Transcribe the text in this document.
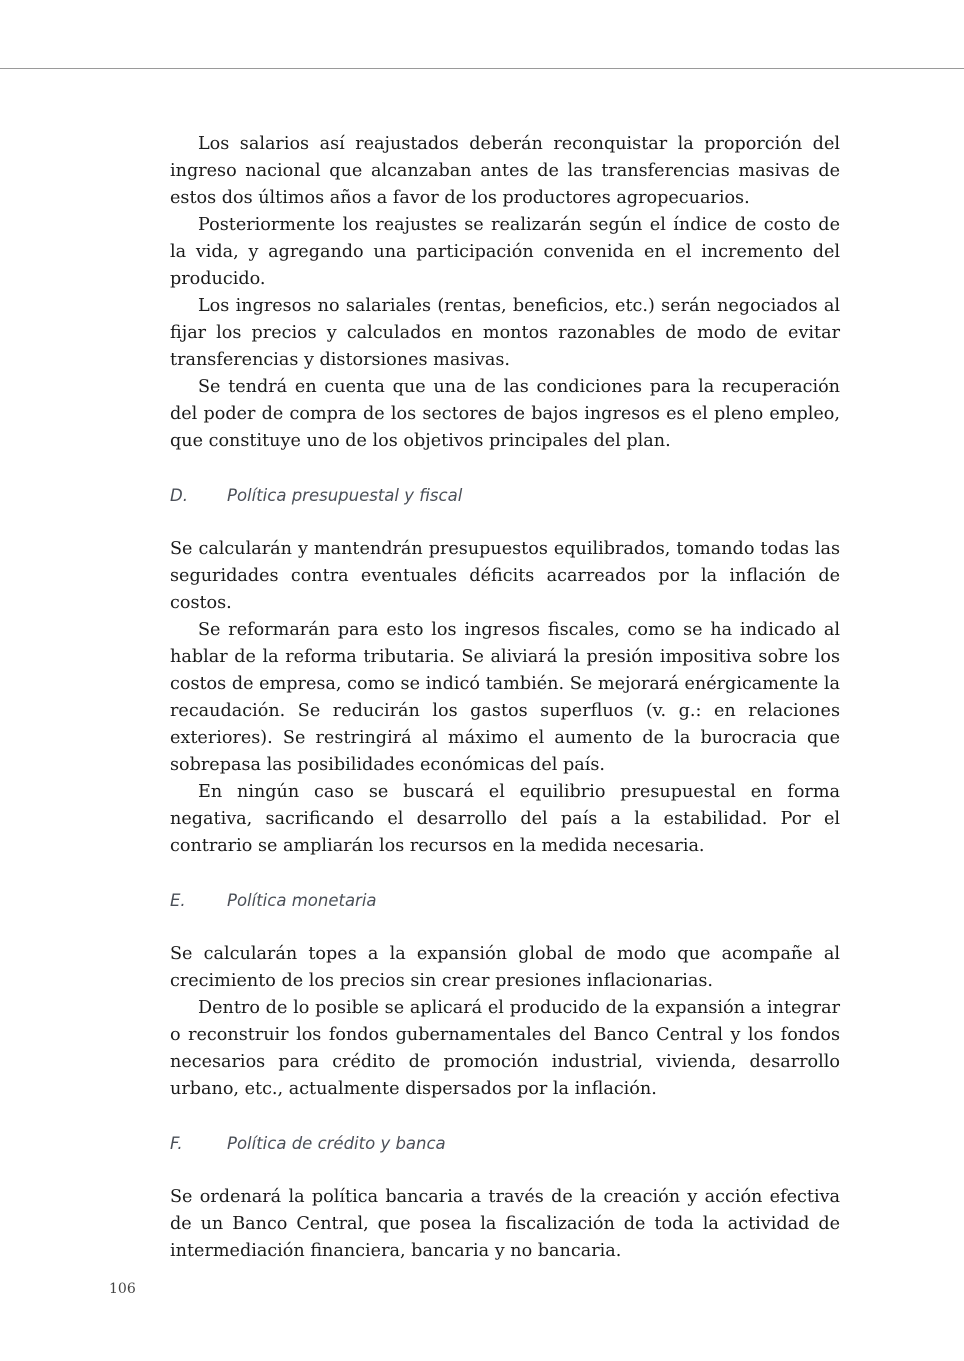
Los salarios así reajustados deberán reconquistar la proporción del ingreso nacional que alcanzaban antes de las transferencias masivas de estos dos últimos años a favor de los productores agropecuarios.

Posteriormente los reajustes se realizarán según el índice de costo de la vida, y agregando una participación convenida en el incremento del producido.

Los ingresos no salariales (rentas, beneficios, etc.) serán negociados al fijar los precios y calculados en montos razonables de modo de evitar transferencias y distorsiones masivas.

Se tendrá en cuenta que una de las condiciones para la recuperación del poder de compra de los sectores de bajos ingresos es el pleno empleo, que constituye uno de los objetivos principales del plan.

D.	Política presupuestal y fiscal

Se calcularán y mantendrán presupuestos equilibrados, tomando todas las seguridades contra eventuales déficits acarreados por la inflación de costos.

Se reformarán para esto los ingresos fiscales, como se ha indicado al hablar de la reforma tributaria. Se aliviará la presión impositiva sobre los costos de empresa, como se indicó también. Se mejorará enérgicamente la recaudación. Se reducirán los gastos superfluos (v. g.: en relaciones exteriores). Se restringirá al máximo el aumento de la burocracia que sobrepasa las posibilidades económicas del país.

En ningún caso se buscará el equilibrio presupuestal en forma negativa, sacrificando el desarrollo del país a la estabilidad. Por el contrario se ampliarán los recursos en la medida necesaria.

E.	Política monetaria

Se calcularán topes a la expansión global de modo que acompañe al crecimiento de los precios sin crear presiones inflacionarias.

Dentro de lo posible se aplicará el producido de la expansión a integrar o reconstruir los fondos gubernamentales del Banco Central y los fondos necesarios para crédito de promoción industrial, vivienda, desarrollo urbano, etc., actualmente dispersados por la inflación.

F.	Política de crédito y banca

Se ordenará la política bancaria a través de la creación y acción efectiva de un Banco Central, que posea la fiscalización de toda la actividad de intermediación financiera, bancaria y no bancaria.

106
